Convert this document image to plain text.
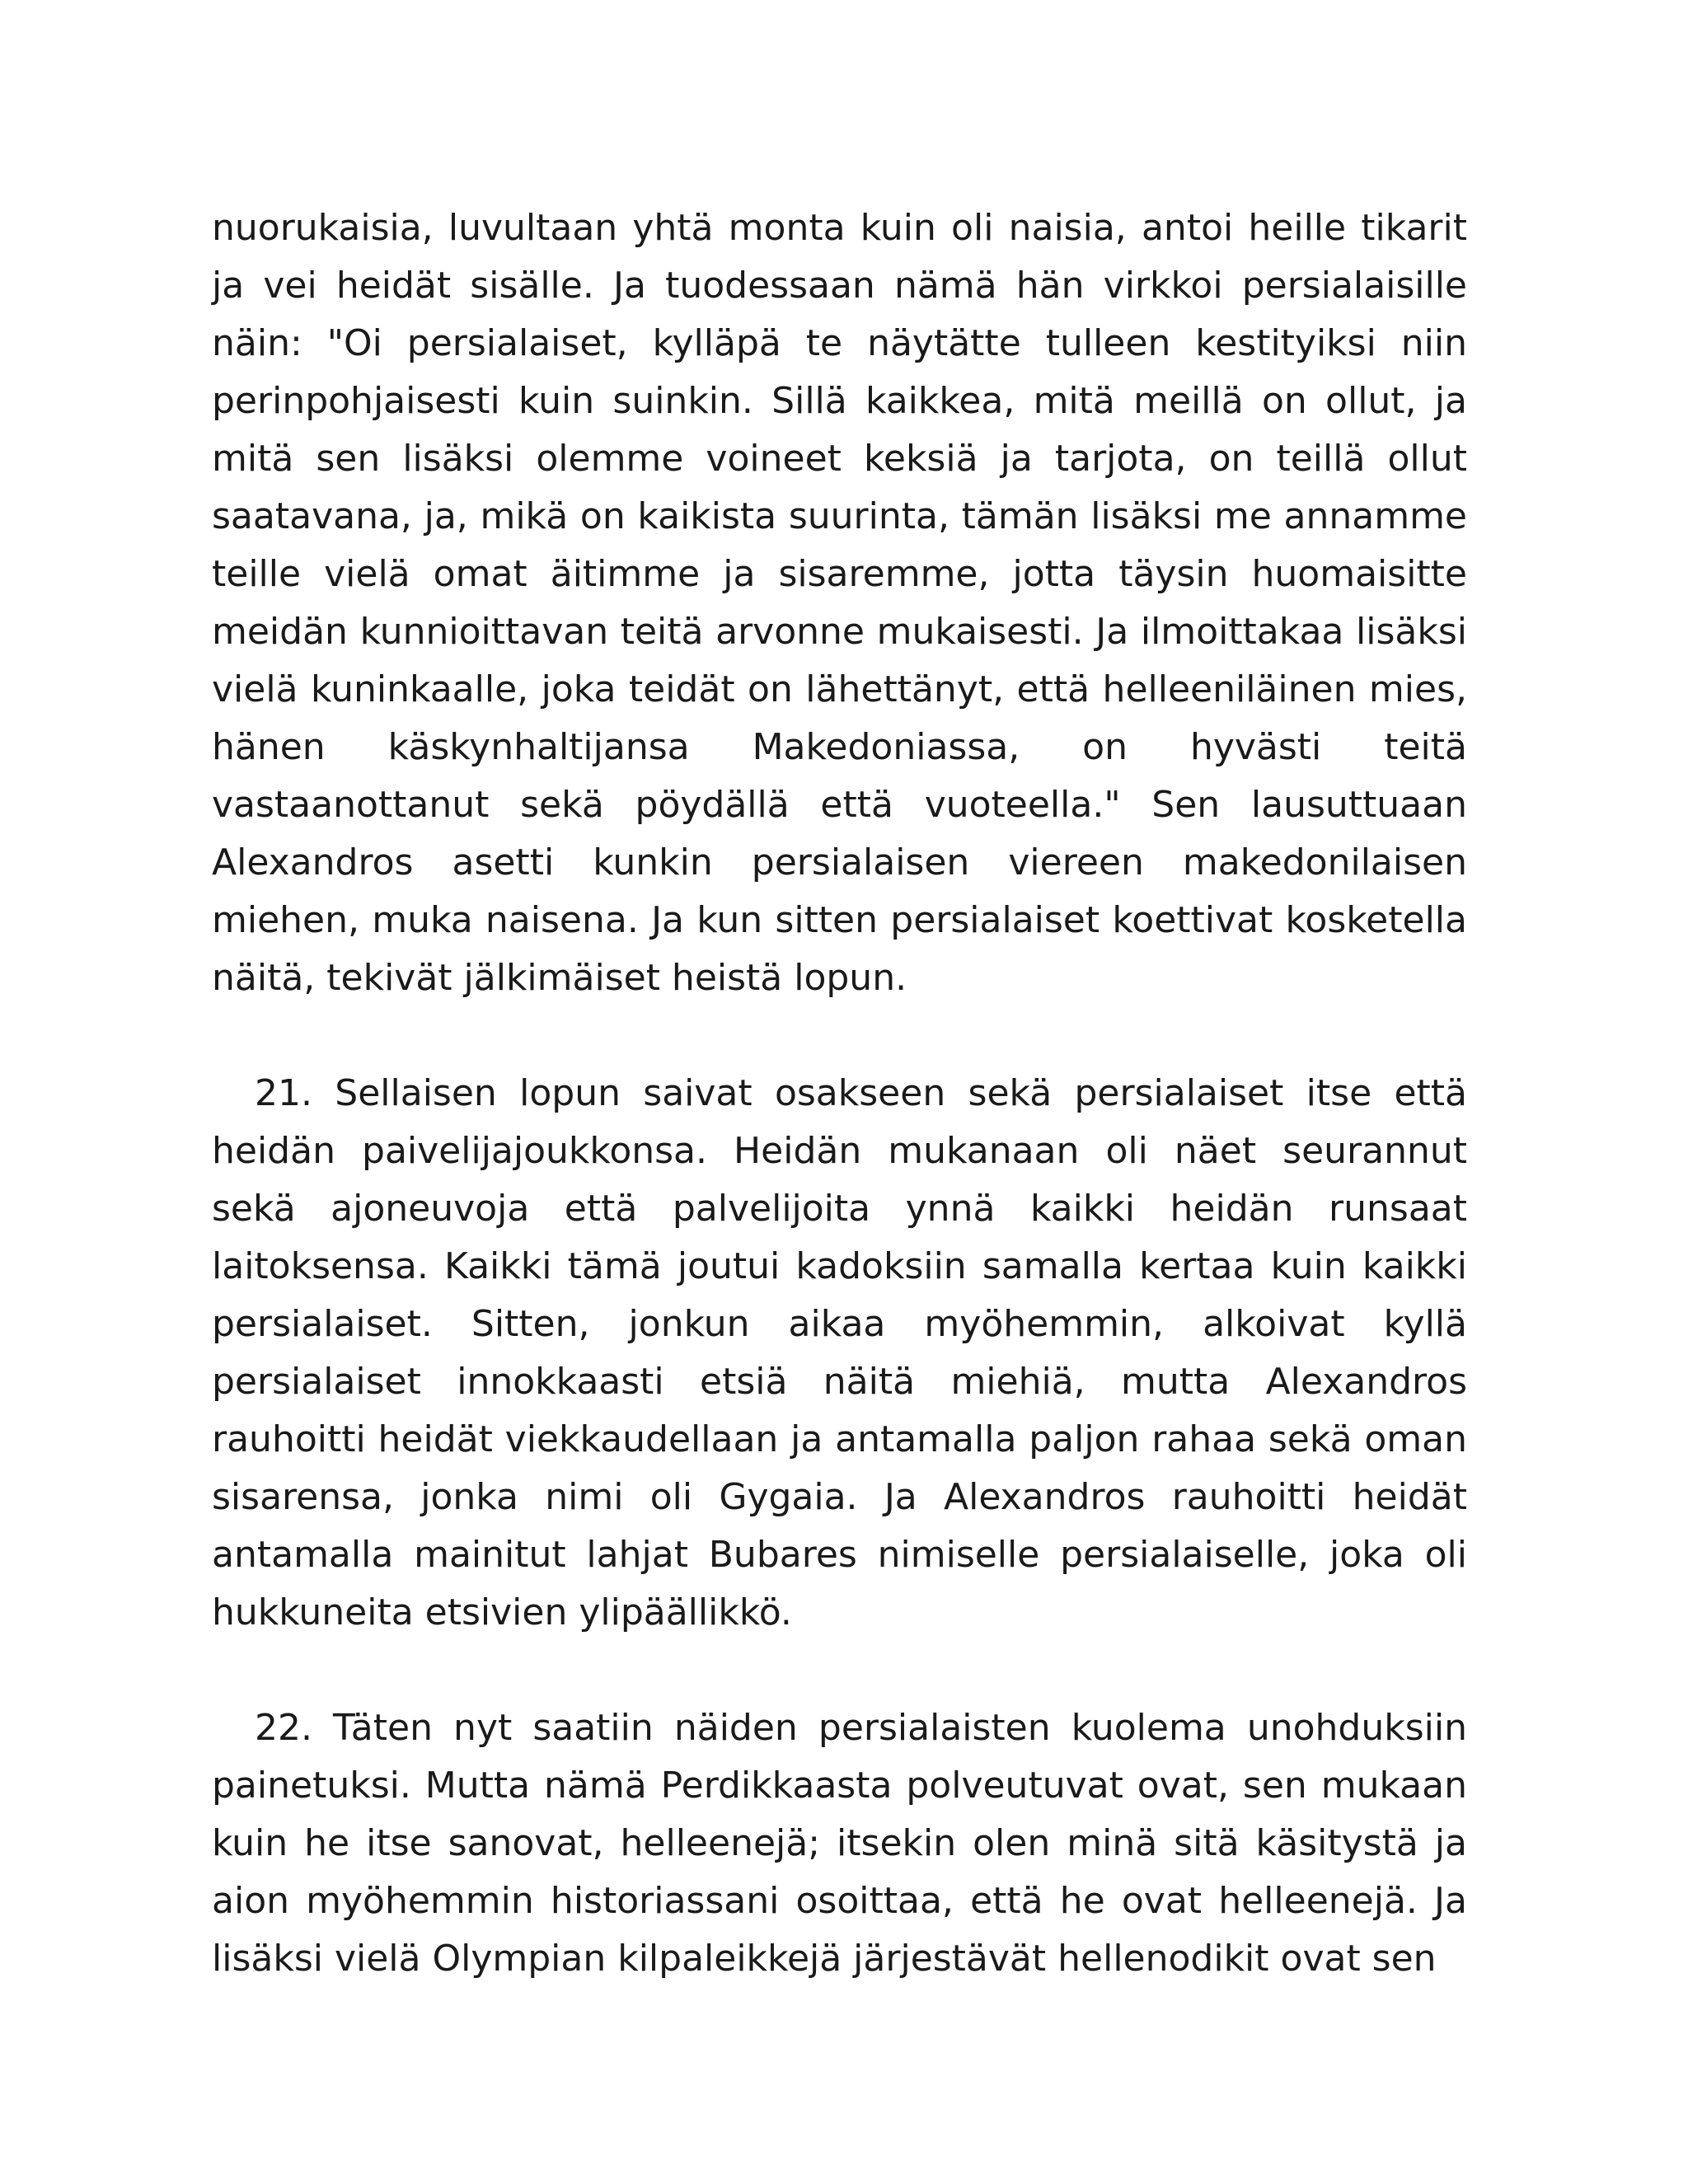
nuorukaisia, luvultaan yhtä monta kuin oli naisia, antoi heille tikarit ja vei heidät sisälle. Ja tuodessaan nämä hän virkkoi persialaisille näin: "Oi persialaiset, kylläpä te näytätte tulleen kestityiksi niin perinpohjaisesti kuin suinkin. Sillä kaikkea, mitä meillä on ollut, ja mitä sen lisäksi olemme voineet keksiä ja tarjota, on teillä ollut saatavana, ja, mikä on kaikista suurinta, tämän lisäksi me annamme teille vielä omat äitimme ja sisaremme, jotta täysin huomaisitte meidän kunnioittavan teitä arvonne mukaisesti. Ja ilmoittakaa lisäksi vielä kuninkaalle, joka teidät on lähettänyt, että helleeniläinen mies, hänen käskynhaltijansa Makedoniassa, on hyvästi teitä vastaanottanut sekä pöydällä että vuoteella." Sen lausuttuaan Alexandros asetti kunkin persialaisen viereen makedonilaisen miehen, muka naisena. Ja kun sitten persialaiset koettivat kosketella näitä, tekivät jälkimäiset heistä lopun.

21. Sellaisen lopun saivat osakseen sekä persialaiset itse että heidän paivelijajoukkonsa. Heidän mukanaan oli näet seurannut sekä ajoneuvoja että palvelijoita ynnä kaikki heidän runsaat laitoksensa. Kaikki tämä joutui kadoksiin samalla kertaa kuin kaikki persialaiset. Sitten, jonkun aikaa myöhemmin, alkoivat kyllä persialaiset innokkaasti etsiä näitä miehiä, mutta Alexandros rauhoitti heidät viekkaudellaan ja antamalla paljon rahaa sekä oman sisarensa, jonka nimi oli Gygaia. Ja Alexandros rauhoitti heidät antamalla mainitut lahjat Bubares nimiselle persialaiselle, joka oli hukkuneita etsivien ylipäällikkö.

22. Täten nyt saatiin näiden persialaisten kuolema unohduksiin painetuksi. Mutta nämä Perdikkaasta polveutuvat ovat, sen mukaan kuin he itse sanovat, helleenejä; itsekin olen minä sitä käsitystä ja aion myöhemmin historiassani osoittaa, että he ovat helleenejä. Ja lisäksi vielä Olympian kilpaleikkejä järjestävät hellenodikit ovat sen
